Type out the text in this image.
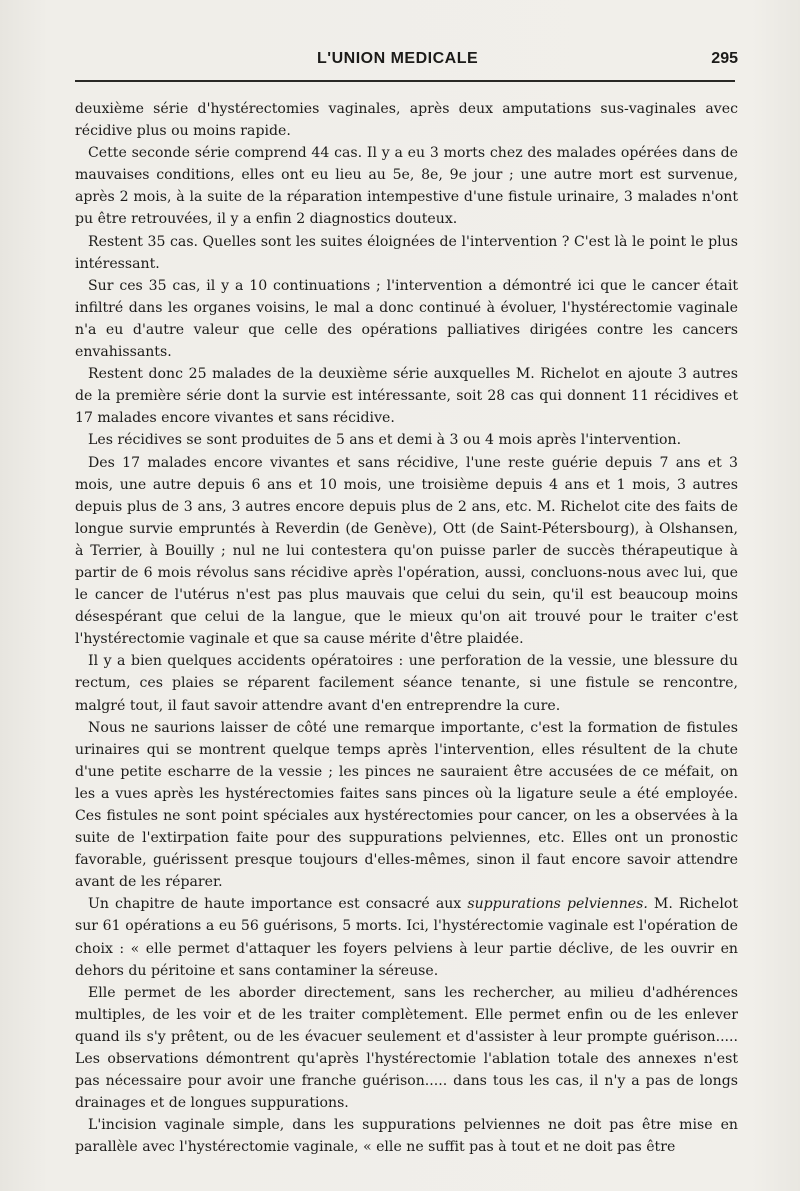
L'UNION MEDICALE	295

deuxième série d'hystérectomies vaginales, après deux amputations sus-vaginales avec récidive plus ou moins rapide.

Cette seconde série comprend 44 cas. Il y a eu 3 morts chez des malades opérées dans de mauvaises conditions, elles ont eu lieu au 5e, 8e, 9e jour ; une autre mort est survenue, après 2 mois, à la suite de la réparation intempestive d'une fistule urinaire, 3 malades n'ont pu être retrouvées, il y a enfin 2 diagnostics douteux.

Restent 35 cas. Quelles sont les suites éloignées de l'intervention ? C'est là le point le plus intéressant.

Sur ces 35 cas, il y a 10 continuations ; l'intervention a démontré ici que le cancer était infiltré dans les organes voisins, le mal a donc continué à évoluer, l'hystérectomie vaginale n'a eu d'autre valeur que celle des opérations palliatives dirigées contre les cancers envahissants.

Restent donc 25 malades de la deuxième série auxquelles M. Richelot en ajoute 3 autres de la première série dont la survie est intéressante, soit 28 cas qui donnent 11 récidives et 17 malades encore vivantes et sans récidive.

Les récidives se sont produites de 5 ans et demi à 3 ou 4 mois après l'intervention.

Des 17 malades encore vivantes et sans récidive, l'une reste guérie depuis 7 ans et 3 mois, une autre depuis 6 ans et 10 mois, une troisième depuis 4 ans et 1 mois, 3 autres depuis plus de 3 ans, 3 autres encore depuis plus de 2 ans, etc. M. Richelot cite des faits de longue survie empruntés à Reverdin (de Genève), Ott (de Saint-Pétersbourg), à Olshansen, à Terrier, à Bouilly ; nul ne lui contestera qu'on puisse parler de succès thérapeutique à partir de 6 mois révolus sans récidive après l'opération, aussi, concluons-nous avec lui, que le cancer de l'utérus n'est pas plus mauvais que celui du sein, qu'il est beaucoup moins désespérant que celui de la langue, que le mieux qu'on ait trouvé pour le traiter c'est l'hystérectomie vaginale et que sa cause mérite d'être plaidée.

Il y a bien quelques accidents opératoires : une perforation de la vessie, une blessure du rectum, ces plaies se réparent facilement séance tenante, si une fistule se rencontre, malgré tout, il faut savoir attendre avant d'en entreprendre la cure.

Nous ne saurions laisser de côté une remarque importante, c'est la formation de fistules urinaires qui se montrent quelque temps après l'intervention, elles résultent de la chute d'une petite escharre de la vessie ; les pinces ne sauraient être accusées de ce méfait, on les a vues après les hystérectomies faites sans pinces où la ligature seule a été employée. Ces fistules ne sont point spéciales aux hystérectomies pour cancer, on les a observées à la suite de l'extirpation faite pour des suppurations pelviennes, etc. Elles ont un pronostic favorable, guérissent presque toujours d'elles-mêmes, sinon il faut encore savoir attendre avant de les réparer.

Un chapitre de haute importance est consacré aux suppurations pelviennes. M. Richelot sur 61 opérations a eu 56 guérisons, 5 morts. Ici, l'hystérectomie vaginale est l'opération de choix : « elle permet d'attaquer les foyers pelviens à leur partie déclive, de les ouvrir en dehors du péritoine et sans contaminer la séreuse.

Elle permet de les aborder directement, sans les rechercher, au milieu d'adhérences multiples, de les voir et de les traiter complètement. Elle permet enfin ou de les enlever quand ils s'y prêtent, ou de les évacuer seulement et d'assister à leur prompte guérison..... Les observations démontrent qu'après l'hystérectomie l'ablation totale des annexes n'est pas nécessaire pour avoir une franche guérison..... dans tous les cas, il n'y a pas de longs drainages et de longues suppurations.

L'incision vaginale simple, dans les suppurations pelviennes ne doit pas être mise en parallèle avec l'hystérectomie vaginale, « elle ne suffit pas à tout et ne doit pas être
